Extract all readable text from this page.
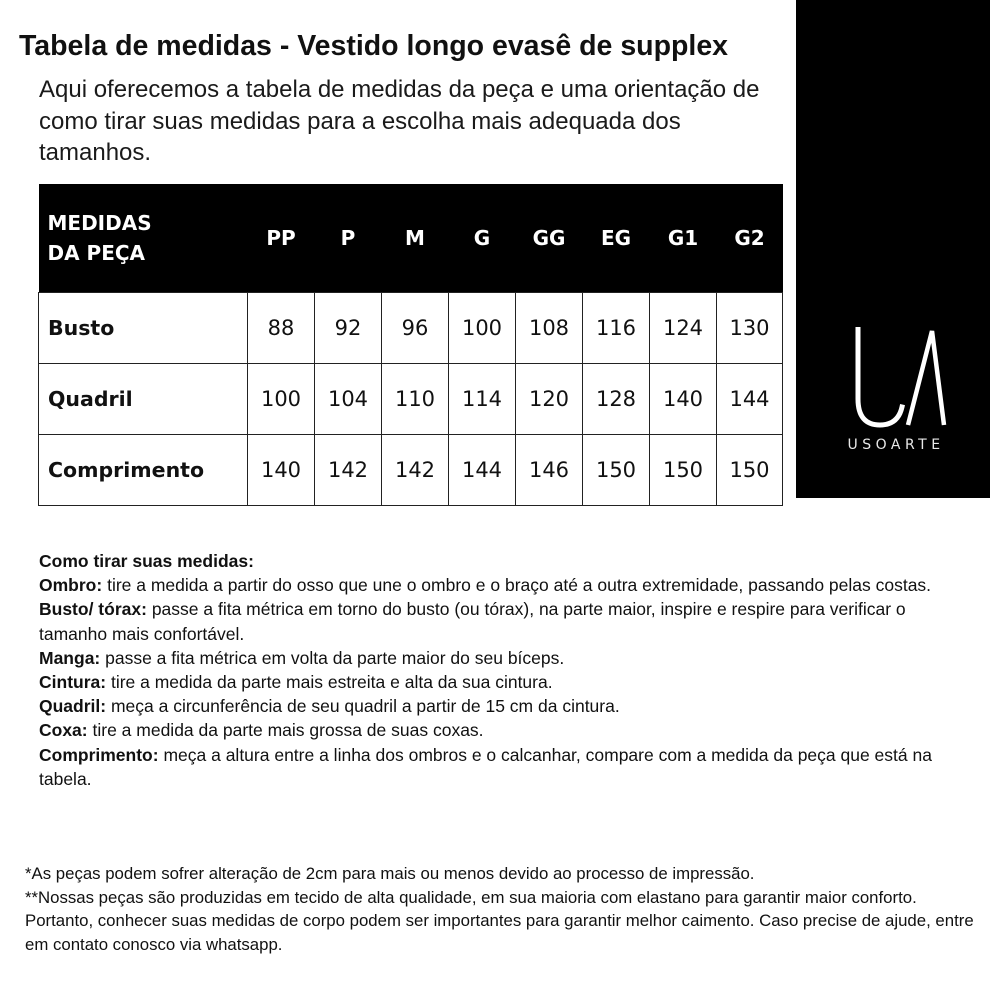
Tabela de medidas - Vestido longo evasê de supplex
Aqui oferecemos a tabela de medidas da peça e uma orientação de como tirar suas medidas para a escolha mais adequada dos tamanhos.
USOARTE
MEDIDAS
DA PEÇA	PP	P	M	G	GG	EG	G1	G2
Busto	88	92	96	100	108	116	124	130
Quadril	100	104	110	114	120	128	140	144
Comprimento	140	142	142	144	146	150	150	150
Como tirar suas medidas:
Ombro: tire a medida a partir do osso que une o ombro e o braço até a outra extremidade, passando pelas costas.
Busto/ tórax: passe a fita métrica em torno do busto (ou tórax), na parte maior, inspire e respire para verificar o tamanho mais confortável.
Manga: passe a fita métrica em volta da parte maior do seu bíceps.
Cintura: tire a medida da parte mais estreita e alta da sua cintura.
Quadril: meça a circunferência de seu quadril a partir de 15 cm da cintura.
Coxa: tire a medida da parte mais grossa de suas coxas.
Comprimento: meça a altura entre a linha dos ombros e o calcanhar, compare com a medida da peça que está na tabela.
*As peças podem sofrer alteração de 2cm para mais ou menos devido ao processo de impressão.
**Nossas peças são produzidas em tecido de alta qualidade, em sua maioria com elastano para garantir maior conforto. Portanto, conhecer suas medidas de corpo podem ser importantes para garantir melhor caimento. Caso precise de ajude, entre em contato conosco via whatsapp.
